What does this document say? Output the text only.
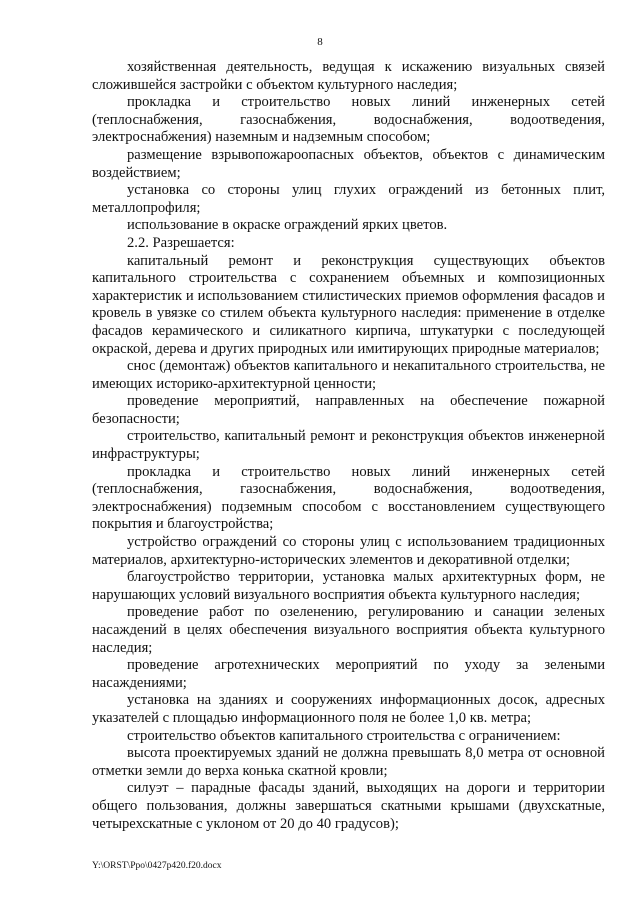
8

хозяйственная деятельность, ведущая к искажению визуальных связей сложившейся застройки с объектом культурного наследия;

прокладка и строительство новых линий инженерных сетей (теплоснабжения, газоснабжения, водоснабжения, водоотведения, электроснабжения) наземным и надземным способом;

размещение взрывопожароопасных объектов, объектов с динамическим воздействием;

установка со стороны улиц глухих ограждений из бетонных плит, металлопрофиля;

использование в окраске ограждений ярких цветов.

2.2. Разрешается:

капитальный ремонт и реконструкция существующих объектов капитального строительства с сохранением объемных и композиционных характеристик и использованием стилистических приемов оформления фасадов и кровель в увязке со стилем объекта культурного наследия: применение в отделке фасадов керамического и силикатного кирпича, штукатурки с последующей окраской, дерева и других природных или имитирующих природные материалов;

снос (демонтаж) объектов капитального и некапитального строительства, не имеющих историко-архитектурной ценности;

проведение мероприятий, направленных на обеспечение пожарной безопасности;

строительство, капитальный ремонт и реконструкция объектов инженерной инфраструктуры;

прокладка и строительство новых линий инженерных сетей (теплоснабжения, газоснабжения, водоснабжения, водоотведения, электроснабжения) подземным способом с восстановлением существующего покрытия и благоустройства;

устройство ограждений со стороны улиц с использованием традиционных материалов, архитектурно-исторических элементов и декоративной отделки;

благоустройство территории, установка малых архитектурных форм, не нарушающих условий визуального восприятия объекта культурного наследия;

проведение работ по озеленению, регулированию и санации зеленых насаждений в целях обеспечения визуального восприятия объекта культурного наследия;

проведение агротехнических мероприятий по уходу за зелеными насаждениями;

установка на зданиях и сооружениях информационных досок, адресных указателей с площадью информационного поля не более 1,0 кв. метра;

строительство объектов капитального строительства с ограничением:

высота проектируемых зданий не должна превышать 8,0 метра от основной отметки земли до верха конька скатной кровли;

силуэт – парадные фасады зданий, выходящих на дороги и территории общего пользования, должны завершаться скатными крышами (двухскатные, четырехскатные с уклоном от 20 до 40 градусов);

Y:\ORST\Ppo\0427p420.f20.docx
